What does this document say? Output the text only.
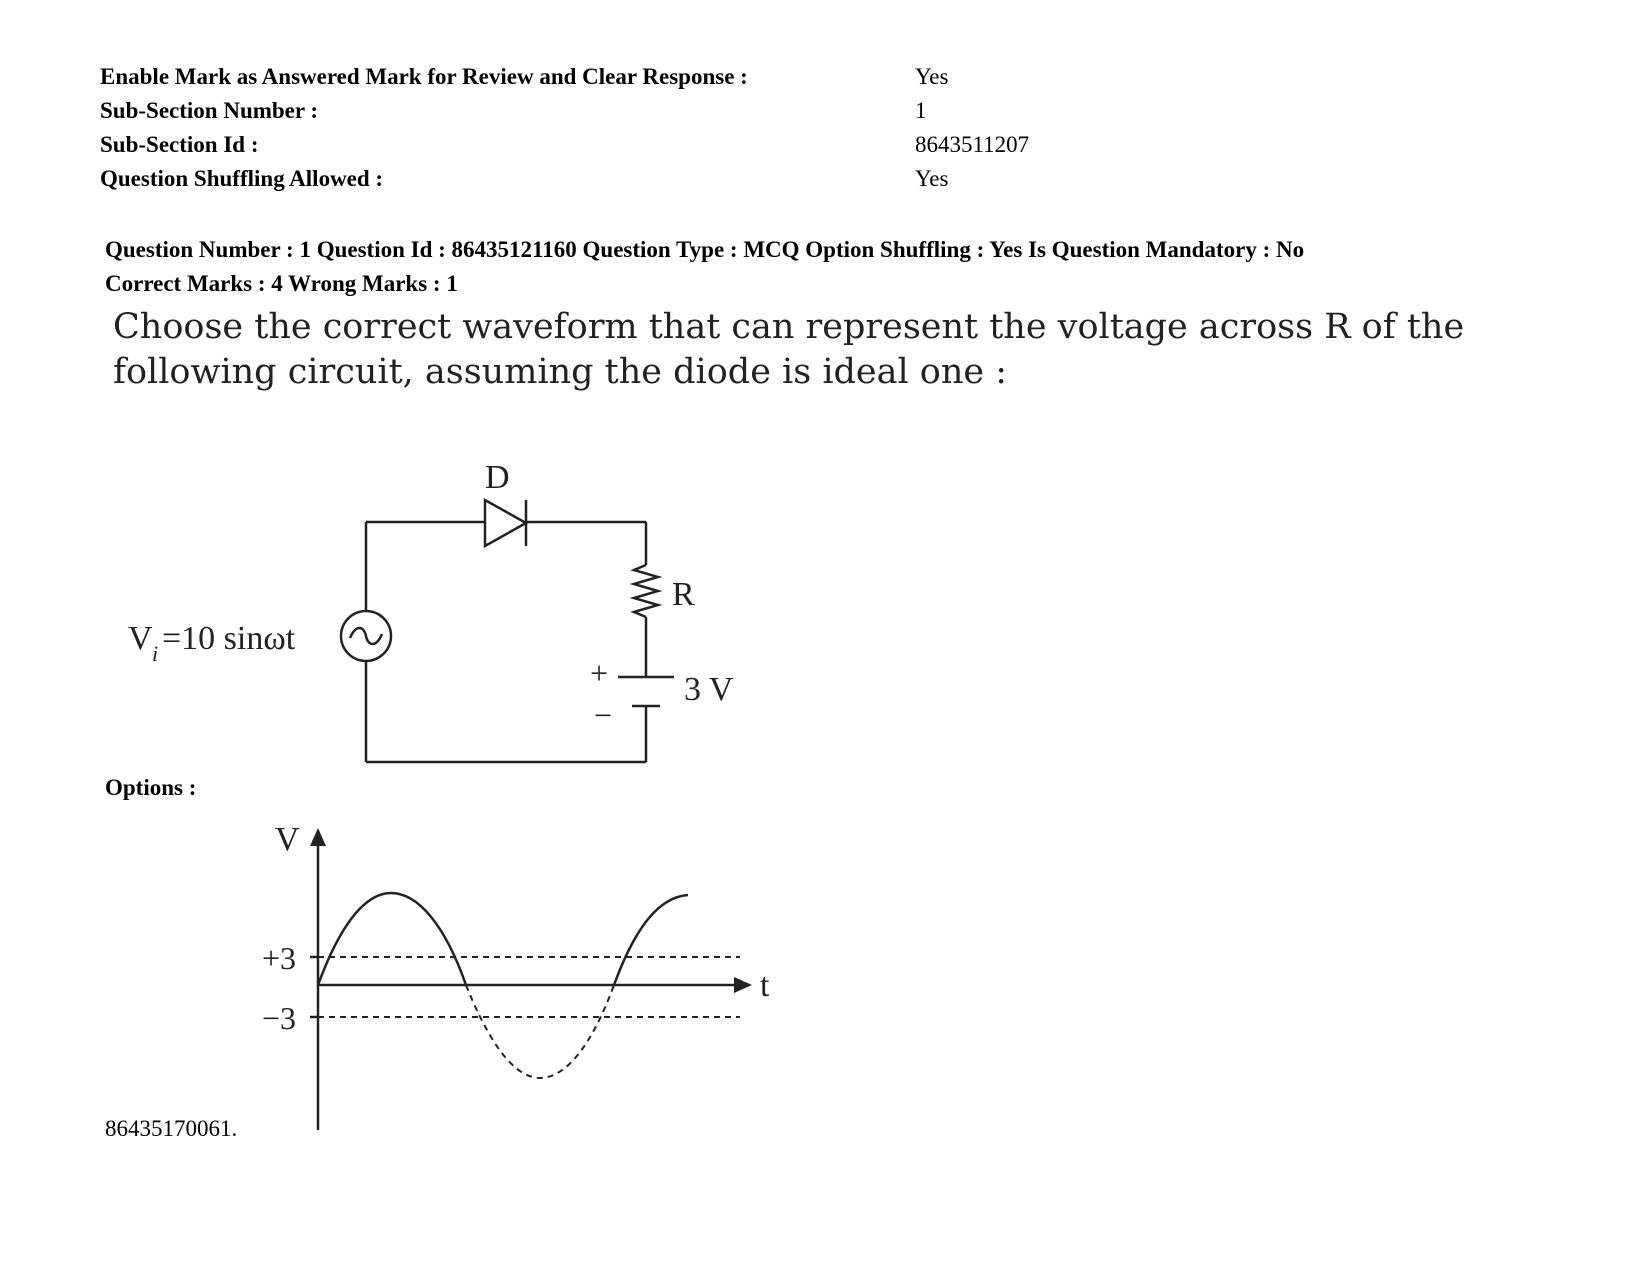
Enable Mark as Answered Mark for Review and Clear Response :	Yes
Sub-Section Number :	1
Sub-Section Id :	8643511207
Question Shuffling Allowed :	Yes
Question Number : 1 Question Id : 86435121160 Question Type : MCQ Option Shuffling : Yes Is Question Mandatory : No
Correct Marks : 4 Wrong Marks : 1
Choose the correct waveform that can represent the voltage across R of the following circuit, assuming the diode is ideal one :
D
R
3 V
+
−
V i =10 sinωt
Options :
V
t
+3
−3
86435170061.
